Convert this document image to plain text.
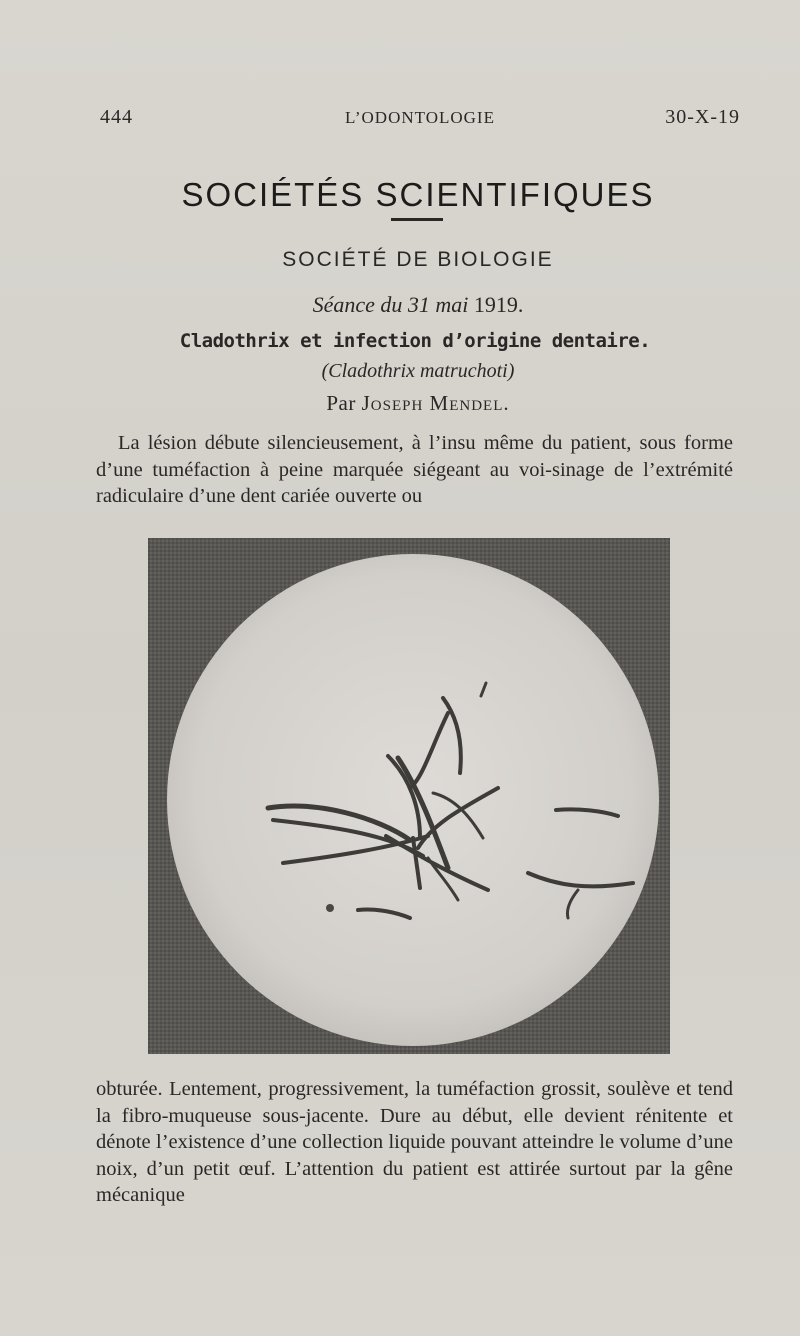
444	L’ODONTOLOGIE	30-X-19
SOCIÉTÉS SCIENTIFIQUES
SOCIÉTÉ DE BIOLOGIE
Séance du 31 mai 1919.
Cladothrix et infection d’origine dentaire.
(Cladothrix matruchoti)
Par Joseph Mendel.
La lésion débute silencieusement, à l’insu même du patient, sous forme d’une tuméfaction à peine marquée siégeant au voi-sinage de l’extrémité radiculaire d’une dent cariée ouverte ou
obturée. Lentement, progressivement, la tuméfaction grossit, soulève et tend la fibro-muqueuse sous-jacente. Dure au début, elle devient rénitente et dénote l’existence d’une collection liquide pouvant atteindre le volume d’une noix, d’un petit œuf. L’attention du patient est attirée surtout par la gêne mécanique
